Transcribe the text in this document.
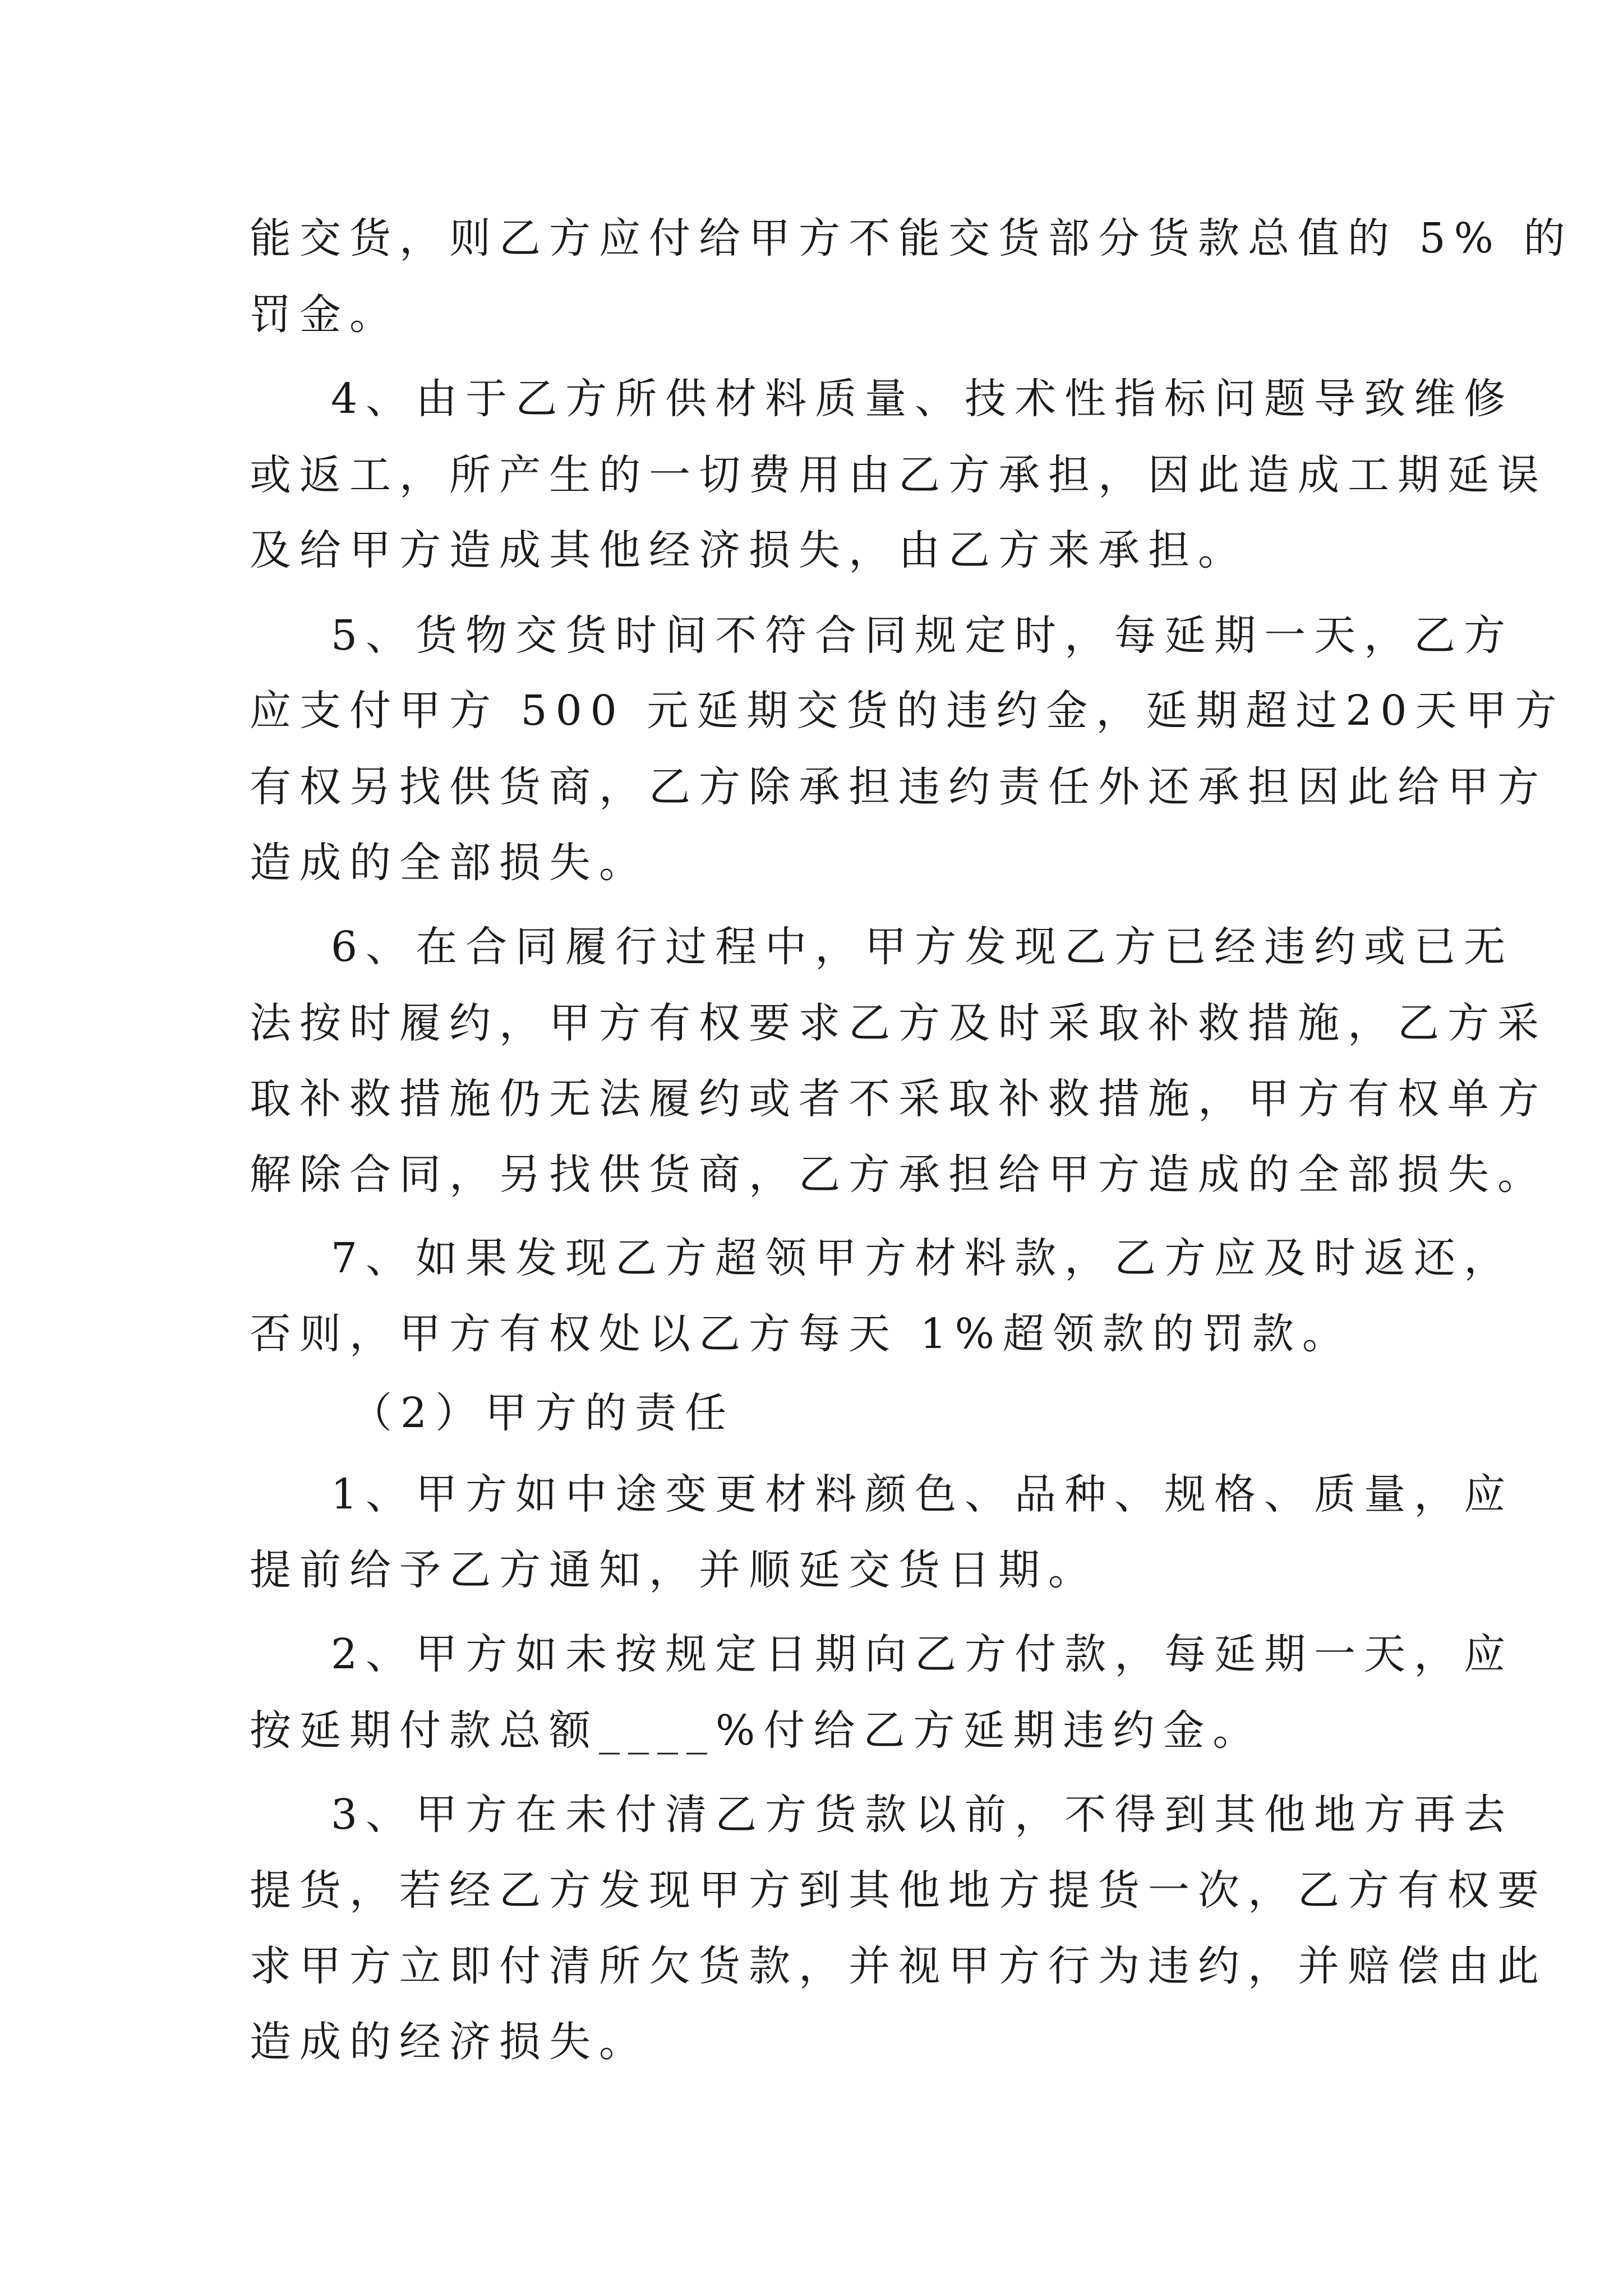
能交货，则乙方应付给甲方不能交货部分货款总值的 5% 的
罚金。
4、由于乙方所供材料质量、技术性指标问题导致维修
或返工，所产生的一切费用由乙方承担，因此造成工期延误
及给甲方造成其他经济损失，由乙方来承担。
5、货物交货时间不符合同规定时，每延期一天，乙方
应支付甲方 500 元延期交货的违约金，延期超过20天甲方
有权另找供货商，乙方除承担违约责任外还承担因此给甲方
造成的全部损失。
6、在合同履行过程中，甲方发现乙方已经违约或已无
法按时履约，甲方有权要求乙方及时采取补救措施，乙方采
取补救措施仍无法履约或者不采取补救措施，甲方有权单方
解除合同，另找供货商，乙方承担给甲方造成的全部损失。
7、如果发现乙方超领甲方材料款，乙方应及时返还，
否则，甲方有权处以乙方每天 1%超领款的罚款。
（2）甲方的责任
1、甲方如中途变更材料颜色、品种、规格、质量，应
提前给予乙方通知，并顺延交货日期。
2、甲方如未按规定日期向乙方付款，每延期一天，应
按延期付款总额____%付给乙方延期违约金。
3、甲方在未付清乙方货款以前，不得到其他地方再去
提货，若经乙方发现甲方到其他地方提货一次，乙方有权要
求甲方立即付清所欠货款，并视甲方行为违约，并赔偿由此
造成的经济损失。
